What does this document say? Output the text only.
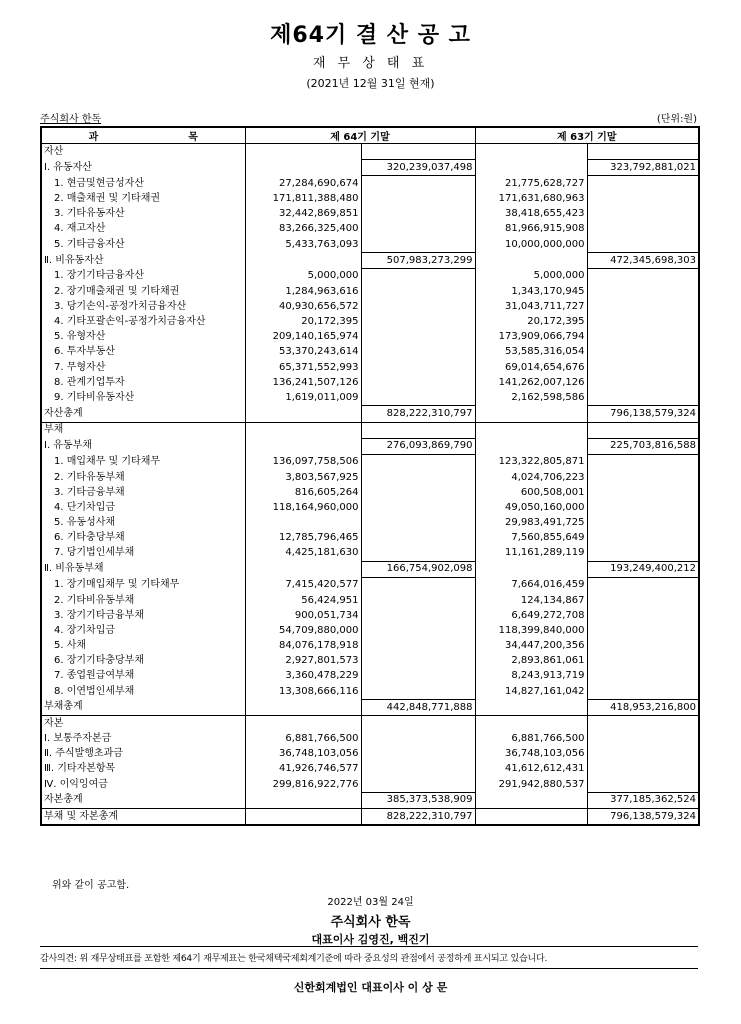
제64기 결 산 공 고
재 무 상 태 표
(2021년 12월 31일 현재)
주식회사 한독	(단위:원)
과 목	제 64기 기말		제 63기 기말	
자산				
Ⅰ. 유동자산		320,239,037,498		323,792,881,021
1. 현금및현금성자산	27,284,690,674		21,775,628,727	
2. 매출채권 및 기타채권	171,811,388,480		171,631,680,963	
3. 기타유동자산	32,442,869,851		38,418,655,423	
4. 재고자산	83,266,325,400		81,966,915,908	
5. 기타금융자산	5,433,763,093		10,000,000,000	
Ⅱ. 비유동자산		507,983,273,299		472,345,698,303
1. 장기기타금융자산	5,000,000		5,000,000	
2. 장기매출채권 및 기타채권	1,284,963,616		1,343,170,945	
3. 당기손익-공정가치금융자산	40,930,656,572		31,043,711,727	
4. 기타포괄손익-공정가치금융자산	20,172,395		20,172,395	
5. 유형자산	209,140,165,974		173,909,066,794	
6. 투자부동산	53,370,243,614		53,585,316,054	
7. 무형자산	65,371,552,993		69,014,654,676	
8. 관계기업투자	136,241,507,126		141,262,007,126	
9. 기타비유동자산	1,619,011,009		2,162,598,586	
자산총계		828,222,310,797		796,138,579,324
부채				
Ⅰ. 유동부채		276,093,869,790		225,703,816,588
1. 매입채무 및 기타채무	136,097,758,506		123,322,805,871	
2. 기타유동부채	3,803,567,925		4,024,706,223	
3. 기타금융부채	816,605,264		600,508,001	
4. 단기차입금	118,164,960,000		49,050,160,000	
5. 유동성사채			29,983,491,725	
6. 기타충당부채	12,785,796,465		7,560,855,649	
7. 당기법인세부채	4,425,181,630		11,161,289,119	
Ⅱ. 비유동부채		166,754,902,098		193,249,400,212
1. 장기매입채무 및 기타채무	7,415,420,577		7,664,016,459	
2. 기타비유동부채	56,424,951		124,134,867	
3. 장기기타금융부채	900,051,734		6,649,272,708	
4. 장기차입금	54,709,880,000		118,399,840,000	
5. 사채	84,076,178,918		34,447,200,356	
6. 장기기타충당부채	2,927,801,573		2,893,861,061	
7. 종업원급여부채	3,360,478,229		8,243,913,719	
8. 이연법인세부채	13,308,666,116		14,827,161,042	
부채총계		442,848,771,888		418,953,216,800
자본				
Ⅰ. 보통주자본금	6,881,766,500		6,881,766,500	
Ⅱ. 주식발행초과금	36,748,103,056		36,748,103,056	
Ⅲ. 기타자본항목	41,926,746,577		41,612,612,431	
Ⅳ. 이익잉여금	299,816,922,776		291,942,880,537	
자본총계		385,373,538,909		377,185,362,524
부채 및 자본총계		828,222,310,797		796,138,579,324
위와 같이 공고함.
2022년 03월 24일
주식회사 한독
대표이사 김영진, 백진기
감사의견: 위 재무상태표를 포함한 제64기 재무제표는 한국채택국제회계기준에 따라 중요성의 관점에서 공정하게 표시되고 있습니다.
신한회계법인 대표이사 이 상 문
